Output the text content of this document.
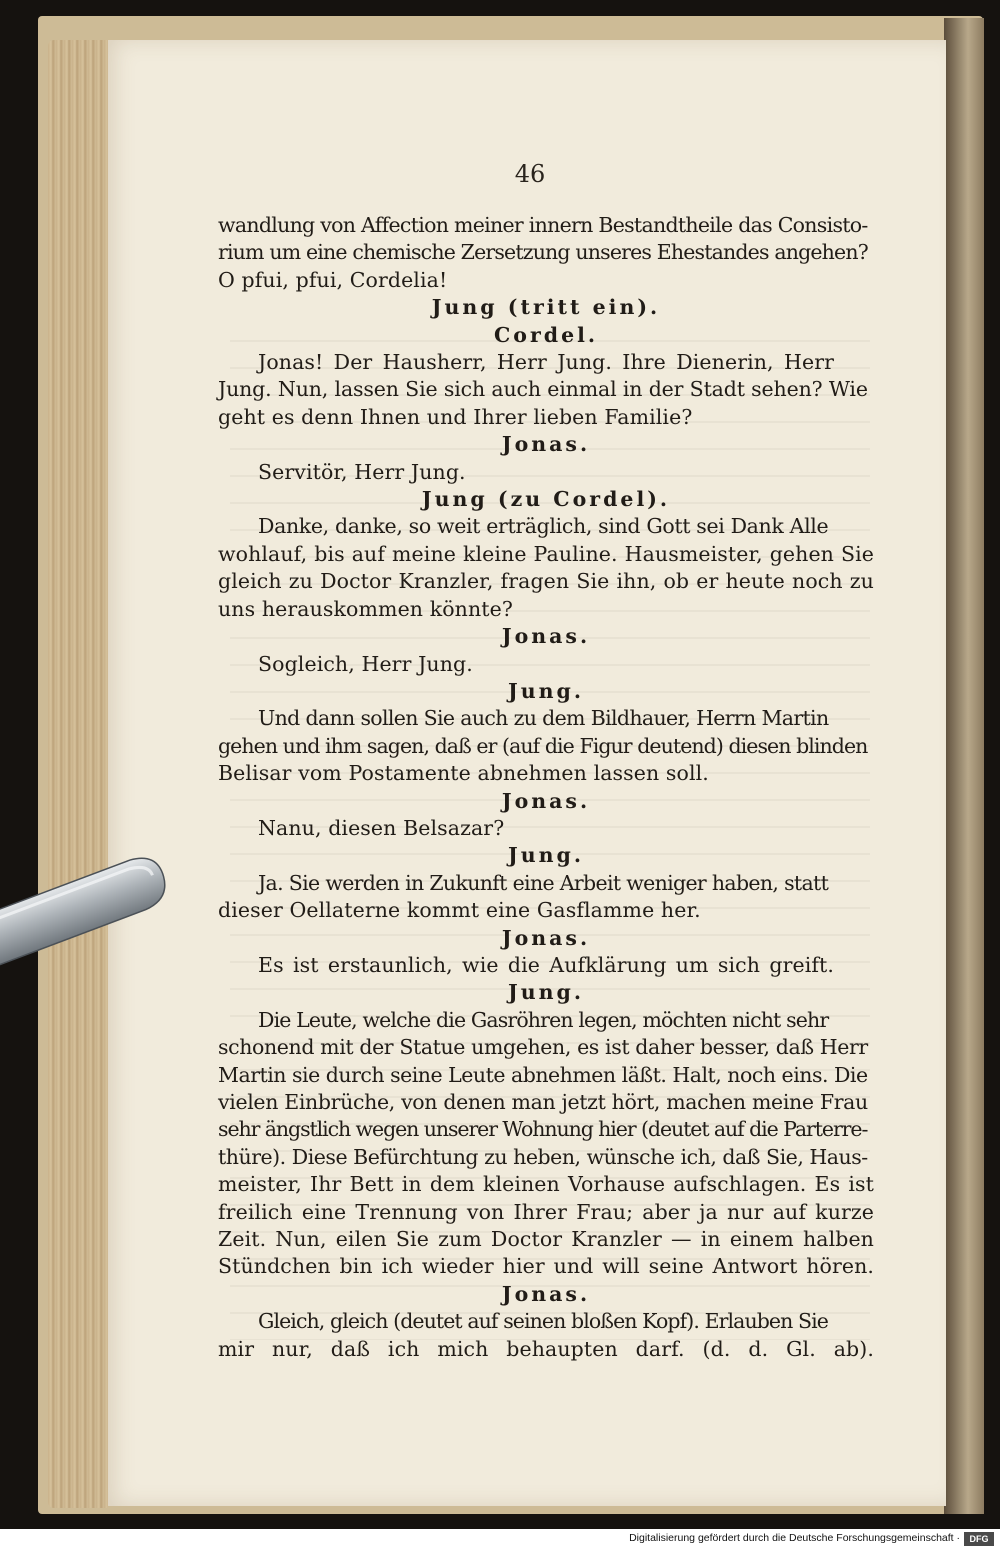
46
wandlung von Affection meiner innern Bestandtheile das Consisto-
rium um eine chemische Zersetzung unseres Ehestandes angehen?
O pfui, pfui, Cordelia!
Jung (tritt ein).
Cordel.
Jonas! Der Hausherr, Herr Jung. Ihre Dienerin, Herr
Jung. Nun, lassen Sie sich auch einmal in der Stadt sehen? Wie
geht es denn Ihnen und Ihrer lieben Familie?
Jonas.
Servitör, Herr Jung.
Jung (zu Cordel).
Danke, danke, so weit erträglich, sind Gott sei Dank Alle
wohlauf, bis auf meine kleine Pauline. Hausmeister, gehen Sie
gleich zu Doctor Kranzler, fragen Sie ihn, ob er heute noch zu
uns herauskommen könnte?
Jonas.
Sogleich, Herr Jung.
Jung.
Und dann sollen Sie auch zu dem Bildhauer, Herrn Martin
gehen und ihm sagen, daß er (auf die Figur deutend) diesen blinden
Belisar vom Postamente abnehmen lassen soll.
Jonas.
Nanu, diesen Belsazar?
Jung.
Ja. Sie werden in Zukunft eine Arbeit weniger haben, statt
dieser Oellaterne kommt eine Gasflamme her.
Jonas.
Es ist erstaunlich, wie die Aufklärung um sich greift.
Jung.
Die Leute, welche die Gasröhren legen, möchten nicht sehr
schonend mit der Statue umgehen, es ist daher besser, daß Herr
Martin sie durch seine Leute abnehmen läßt. Halt, noch eins. Die
vielen Einbrüche, von denen man jetzt hört, machen meine Frau
sehr ängstlich wegen unserer Wohnung hier (deutet auf die Parterre-
thüre). Diese Befürchtung zu heben, wünsche ich, daß Sie, Haus-
meister, Ihr Bett in dem kleinen Vorhause aufschlagen. Es ist
freilich eine Trennung von Ihrer Frau; aber ja nur auf kurze
Zeit. Nun, eilen Sie zum Doctor Kranzler — in einem halben
Stündchen bin ich wieder hier und will seine Antwort hören.
Jonas.
Gleich, gleich (deutet auf seinen bloßen Kopf). Erlauben Sie
mir nur, daß ich mich behaupten darf. (d. d. Gl. ab).
Digitalisierung gefördert durch die Deutsche Forschungsgemeinschaft ·	DFG
